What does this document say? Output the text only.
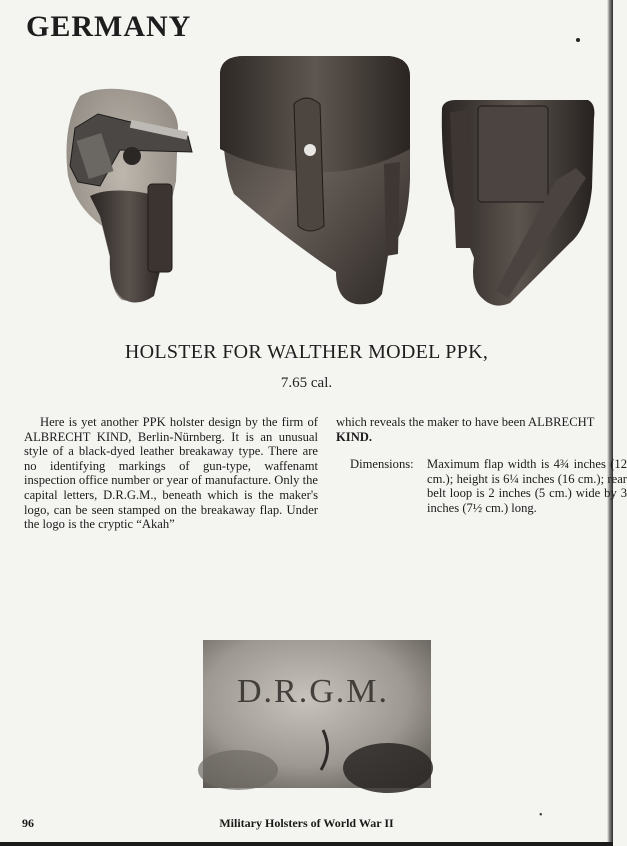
GERMANY
HOLSTER FOR WALTHER MODEL PPK,
7.65 cal.

Here is yet another PPK holster design by the firm of ALBRECHT KIND, Berlin-Nürnberg. It is an unusual style of a black-dyed leather breakaway type. There are no identifying markings of gun-type, waffenamt inspection office number or year of manufacture. Only the capital letters, D.R.G.M., beneath which is the maker's logo, can be seen stamped on the breakaway flap. Under the logo is the cryptic “Akah”

which reveals the maker to have been ALBRECHT
KIND.
Dimensions: Maximum flap width is 4¾ inches (12 cm.); height is 6¼ inches (16 cm.); rear belt loop is 2 inches (5 cm.) wide by 3 inches (7½ cm.) long.
D.R.G.M.
96	Military Holsters of World War II
•
